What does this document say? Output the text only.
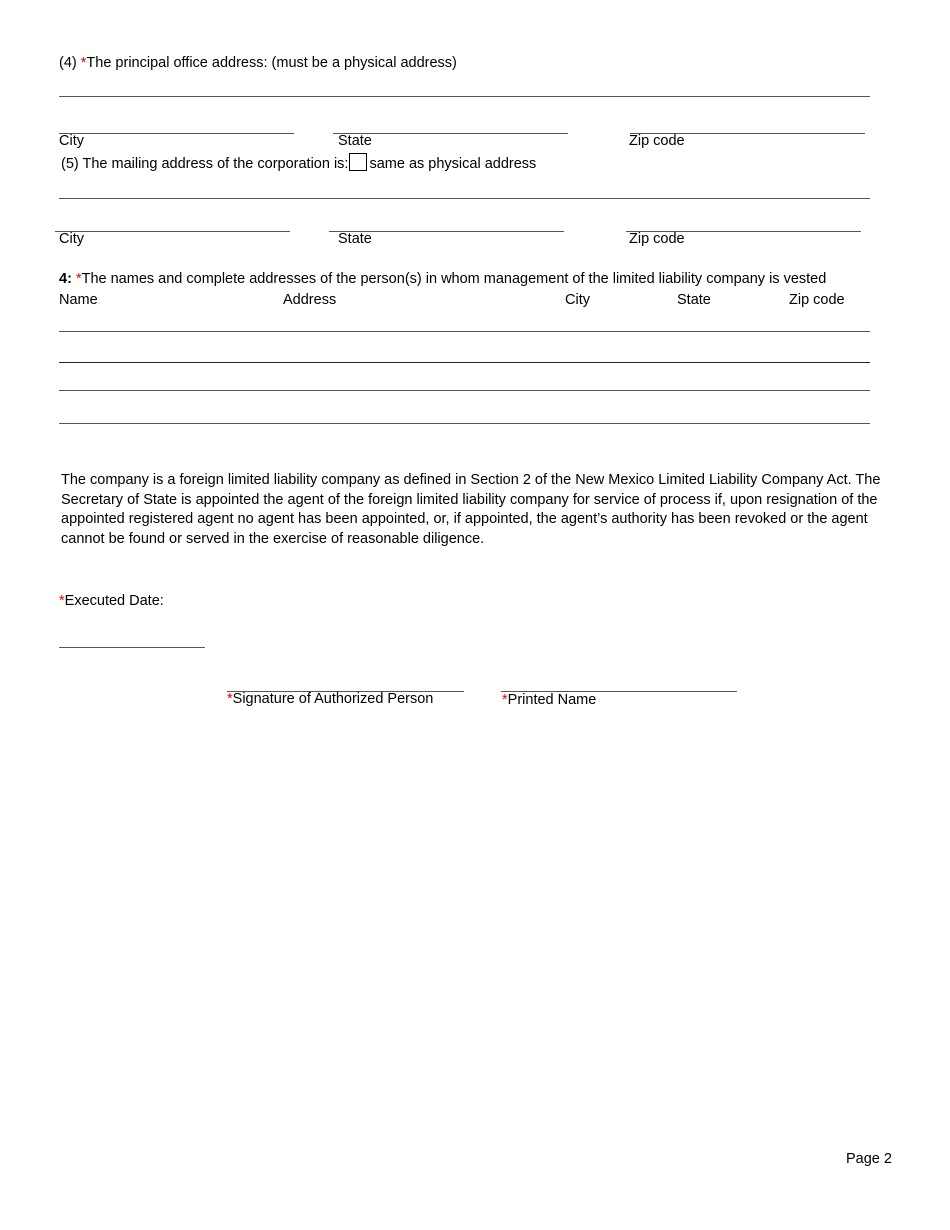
(4) *The principal office address: (must be a physical address)
City	State	Zip code
(5) The mailing address of the corporation is: same as physical address
City	State	Zip code
4: *The names and complete addresses of the person(s) in whom management of the limited liability company is vested
Name	Address	City	State	Zip code
The company is a foreign limited liability company as defined in Section 2 of the New Mexico Limited Liability Company Act. The Secretary of State is appointed the agent of the foreign limited liability company for service of process if, upon resignation of the appointed registered agent no agent has been appointed, or, if appointed, the agent’s authority has been revoked or the agent cannot be found or served in the exercise of reasonable diligence.
*Executed Date:
*Signature of Authorized Person	*Printed Name
Page 2
